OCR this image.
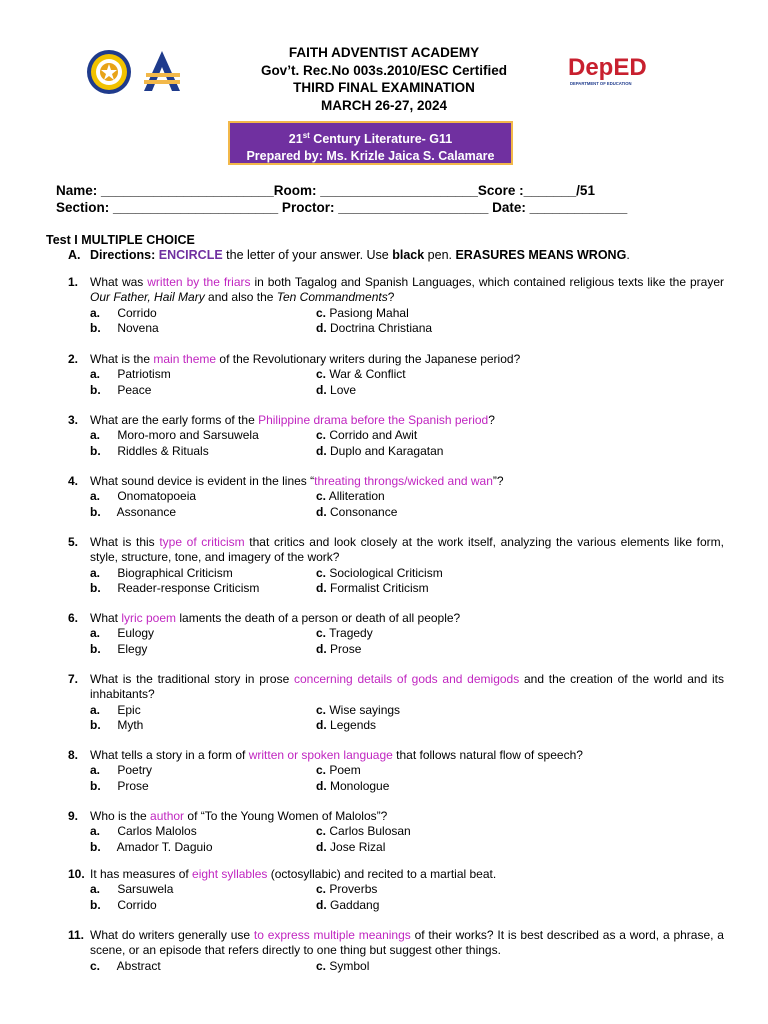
DepED
DEPARTMENT OF EDUCATION
FAITH ADVENTIST ACADEMY
Gov’t. Rec.No 003s.2010/ESC Certified
THIRD FINAL EXAMINATION
MARCH 26-27, 2024
21st Century Literature- G11
Prepared by: Ms. Krizle Jaica S. Calamare
Name: _______________________Room: _____________________Score :_______/51
Section: ______________________ Proctor: ____________________ Date: _____________
Test I MULTIPLE CHOICE
A. Directions: ENCIRCLE the letter of your answer. Use black pen. ERASURES MEANS WRONG.
1. What was written by the friars in both Tagalog and Spanish Languages, which contained religious texts like the prayer Our Father, Hail Mary and also the Ten Commandments?
a. Corrido	c. Pasiong Mahal
b. Novena	d. Doctrina Christiana
2. What is the main theme of the Revolutionary writers during the Japanese period?
a. Patriotism	c. War & Conflict
b. Peace	d. Love
3. What are the early forms of the Philippine drama before the Spanish period?
a. Moro-moro and Sarsuwela	c. Corrido and Awit
b. Riddles & Rituals	d. Duplo and Karagatan
4. What sound device is evident in the lines “threating throngs/wicked and wan”?
a. Onomatopoeia	c. Alliteration
b. Assonance	d. Consonance
5. What is this type of criticism that critics and look closely at the work itself, analyzing the various elements like form, style, structure, tone, and imagery of the work?
a. Biographical Criticism	c. Sociological Criticism
b. Reader-response Criticism	d. Formalist Criticism
6. What lyric poem laments the death of a person or death of all people?
a. Eulogy	c. Tragedy
b. Elegy	d. Prose
7. What is the traditional story in prose concerning details of gods and demigods and the creation of the world and its inhabitants?
a. Epic	c. Wise sayings
b. Myth	d. Legends
8. What tells a story in a form of written or spoken language that follows natural flow of speech?
a. Poetry	c. Poem
b. Prose	d. Monologue
9. Who is the author of “To the Young Women of Malolos”?
a. Carlos Malolos	c. Carlos Bulosan
b. Amador T. Daguio	d. Jose Rizal
10. It has measures of eight syllables (octosyllabic) and recited to a martial beat.
a. Sarsuwela	c. Proverbs
b. Corrido	d. Gaddang
11. What do writers generally use to express multiple meanings of their works? It is best described as a word, a phrase, a scene, or an episode that refers directly to one thing but suggest other things.
c. Abstract	c. Symbol
